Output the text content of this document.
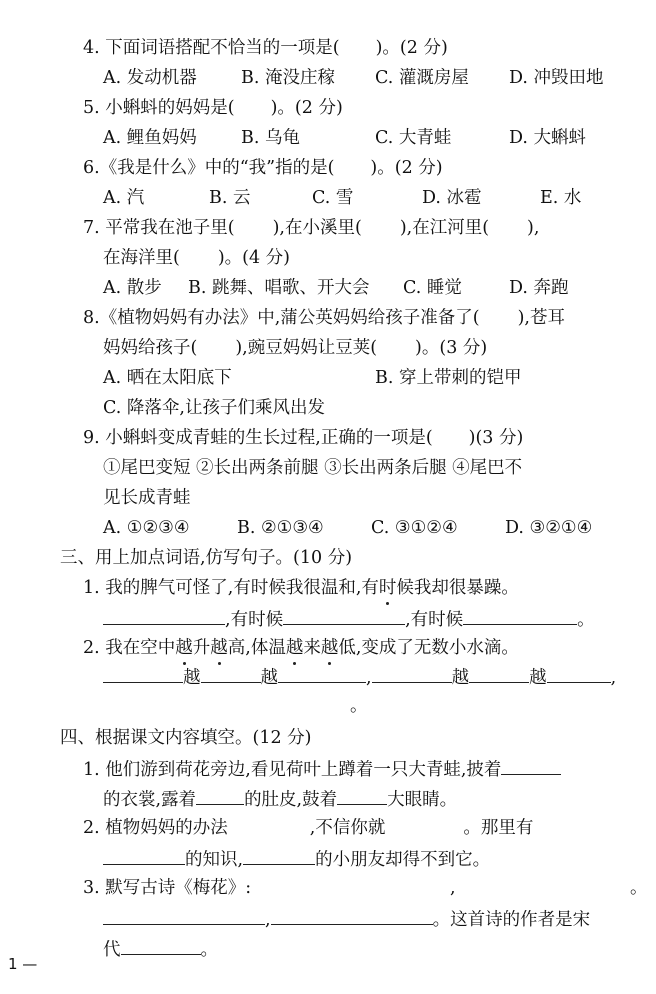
4. 下面词语搭配不恰当的一项是( )。(2 分)
A. 发动机器	B. 淹没庄稼 C. 灌溉房屋 D. 冲毁田地
5. 小蝌蚪的妈妈是( )。(2 分)
A. 鲤鱼妈妈	B. 乌龟	C. 大青蛙	D. 大蝌蚪
6.《我是什么》中的“我”指的是( )。(2 分)
A. 汽	B. 云	C. 雪	D. 冰雹	E. 水
7. 平常我在池子里( ),在小溪里( ),在江河里( ),
在海洋里( )。(4 分)
A. 散步 B. 跳舞、唱歌、开大会 C. 睡觉	D. 奔跑
8.《植物妈妈有办法》中,蒲公英妈妈给孩子准备了( ),苍耳
妈妈给孩子( ),豌豆妈妈让豆荚( )。(3 分)
A. 晒在太阳底下	B. 穿上带刺的铠甲
C. 降落伞,让孩子们乘风出发
9. 小蝌蚪变成青蛙的生长过程,正确的一项是( )(3 分)
①尾巴变短 ②长出两条前腿 ③长出两条后腿 ④尾巴不
见长成青蛙
A. ①②③④	B. ②①③④	C. ③①②④	D. ③②①④
三、用上加点词语,仿写句子。(10 分)
1. 我的脾气可怪了,有时候我很温和,有时候我却很暴躁。
,有时候	,有时候	。
2. 我在空中越升越高,体温越来越低,变成了无数小水滴。
越	越	,	越	越	,
。
四、根据课文内容填空。(12 分)
1. 他们游到荷花旁边,看见荷叶上蹲着一只大青蛙,披着
的衣裳,露着	的肚皮,鼓着	大眼睛。
2. 植物妈妈的办法	,不信你就	。那里有
的知识,	的小朋友却得不到它。
3. 默写古诗《梅花》:	,	。
,	。这首诗的作者是宋
代	。
1 —
